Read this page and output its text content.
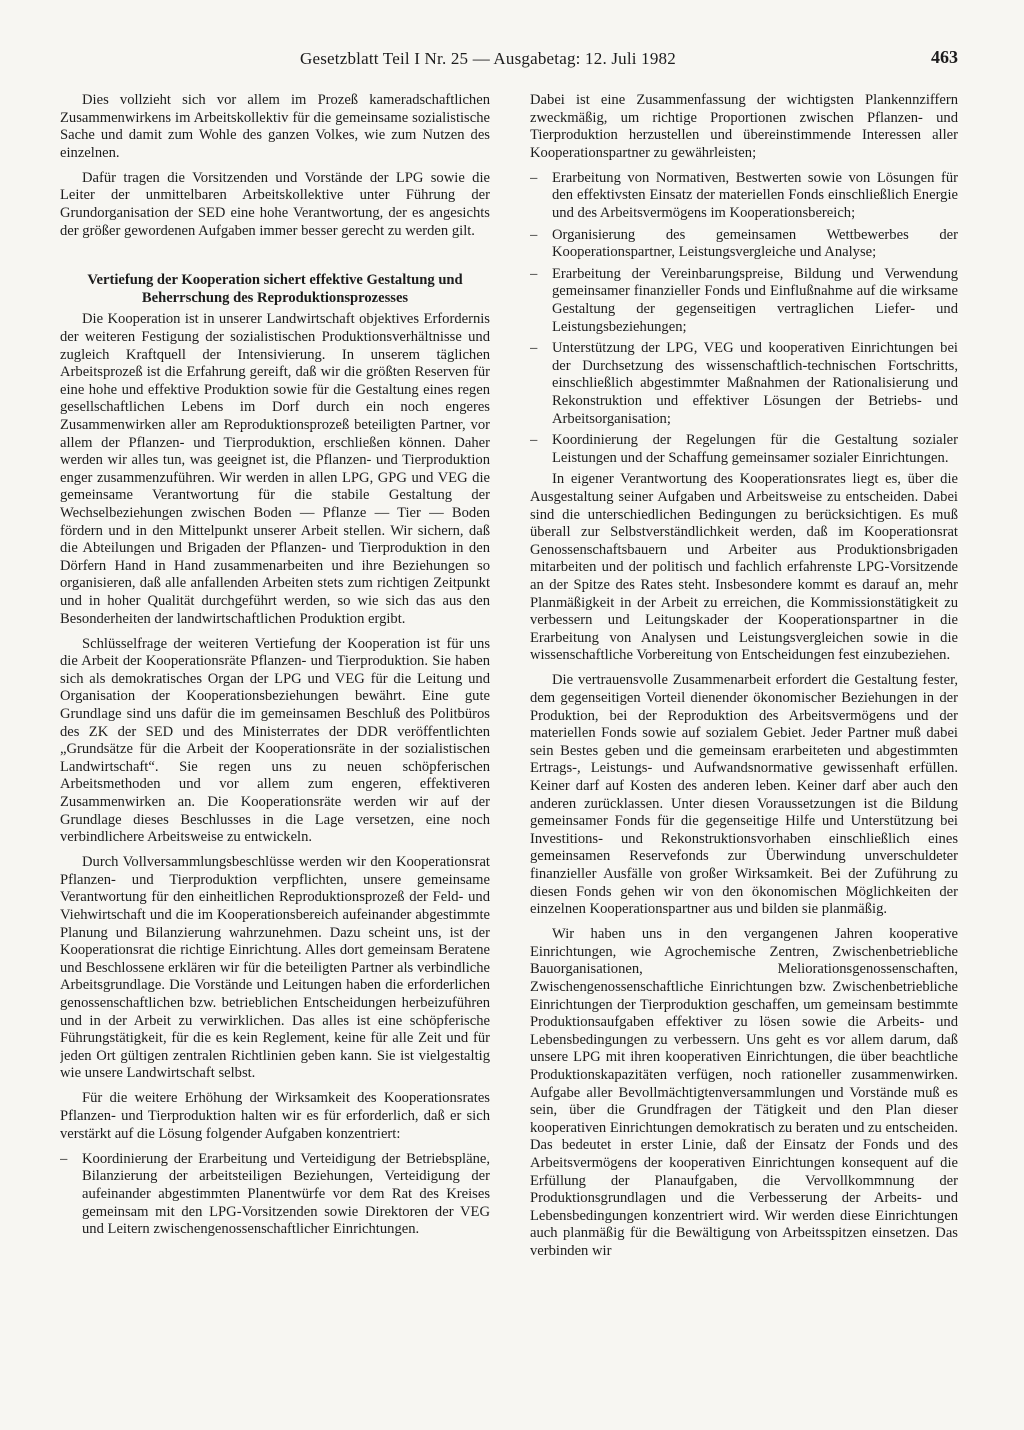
Gesetzblatt Teil I Nr. 25 — Ausgabetag: 12. Juli 1982	463

Dies vollzieht sich vor allem im Prozeß kameradschaftlichen Zusammenwirkens im Arbeitskollektiv für die gemeinsame sozialistische Sache und damit zum Wohle des ganzen Volkes, wie zum Nutzen des einzelnen.

Dafür tragen die Vorsitzenden und Vorstände der LPG sowie die Leiter der unmittelbaren Arbeitskollektive unter Führung der Grundorganisation der SED eine hohe Verantwortung, der es angesichts der größer gewordenen Aufgaben immer besser gerecht zu werden gilt.

Vertiefung der Kooperation sichert effektive Gestaltung und Beherrschung des Reproduktionsprozesses

Die Kooperation ist in unserer Landwirtschaft objektives Erfordernis der weiteren Festigung der sozialistischen Produktionsverhältnisse und zugleich Kraftquell der Intensivierung. In unserem täglichen Arbeitsprozeß ist die Erfahrung gereift, daß wir die größten Reserven für eine hohe und effektive Produktion sowie für die Gestaltung eines regen gesellschaftlichen Lebens im Dorf durch ein noch engeres Zusammenwirken aller am Reproduktionsprozeß beteiligten Partner, vor allem der Pflanzen- und Tierproduktion, erschließen können. Daher werden wir alles tun, was geeignet ist, die Pflanzen- und Tierproduktion enger zusammenzuführen. Wir werden in allen LPG, GPG und VEG die gemeinsame Verantwortung für die stabile Gestaltung der Wechselbeziehungen zwischen Boden — Pflanze — Tier — Boden fördern und in den Mittelpunkt unserer Arbeit stellen. Wir sichern, daß die Abteilungen und Brigaden der Pflanzen- und Tierproduktion in den Dörfern Hand in Hand zusammenarbeiten und ihre Beziehungen so organisieren, daß alle anfallenden Arbeiten stets zum richtigen Zeitpunkt und in hoher Qualität durchgeführt werden, so wie sich das aus den Besonderheiten der landwirtschaftlichen Produktion ergibt.

Schlüsselfrage der weiteren Vertiefung der Kooperation ist für uns die Arbeit der Kooperationsräte Pflanzen- und Tierproduktion. Sie haben sich als demokratisches Organ der LPG und VEG für die Leitung und Organisation der Kooperationsbeziehungen bewährt. Eine gute Grundlage sind uns dafür die im gemeinsamen Beschluß des Politbüros des ZK der SED und des Ministerrates der DDR veröffentlichten „Grundsätze für die Arbeit der Kooperationsräte in der sozialistischen Landwirtschaft“. Sie regen uns zu neuen schöpferischen Arbeitsmethoden und vor allem zum engeren, effektiveren Zusammenwirken an. Die Kooperationsräte werden wir auf der Grundlage dieses Beschlusses in die Lage versetzen, eine noch verbindlichere Arbeitsweise zu entwickeln.

Durch Vollversammlungsbeschlüsse werden wir den Kooperationsrat Pflanzen- und Tierproduktion verpflichten, unsere gemeinsame Verantwortung für den einheitlichen Reproduktionsprozeß der Feld- und Viehwirtschaft und die im Kooperationsbereich aufeinander abgestimmte Planung und Bilanzierung wahrzunehmen. Dazu scheint uns, ist der Kooperationsrat die richtige Einrichtung. Alles dort gemeinsam Beratene und Beschlossene erklären wir für die beteiligten Partner als verbindliche Arbeitsgrundlage. Die Vorstände und Leitungen haben die erforderlichen genossenschaftlichen bzw. betrieblichen Entscheidungen herbeizuführen und in der Arbeit zu verwirklichen. Das alles ist eine schöpferische Führungstätigkeit, für die es kein Reglement, keine für alle Zeit und für jeden Ort gültigen zentralen Richtlinien geben kann. Sie ist vielgestaltig wie unsere Landwirtschaft selbst.

Für die weitere Erhöhung der Wirksamkeit des Kooperationsrates Pflanzen- und Tierproduktion halten wir es für erforderlich, daß er sich verstärkt auf die Lösung folgender Aufgaben konzentriert:

– Koordinierung der Erarbeitung und Verteidigung der Betriebspläne, Bilanzierung der arbeitsteiligen Beziehungen, Verteidigung der aufeinander abgestimmten Planentwürfe vor dem Rat des Kreises gemeinsam mit den LPG-Vorsitzenden sowie Direktoren der VEG und Leitern zwischengenossenschaftlicher Einrichtungen.

Dabei ist eine Zusammenfassung der wichtigsten Plankennziffern zweckmäßig, um richtige Proportionen zwischen Pflanzen- und Tierproduktion herzustellen und übereinstimmende Interessen aller Kooperationspartner zu gewährleisten;

– Erarbeitung von Normativen, Bestwerten sowie von Lösungen für den effektivsten Einsatz der materiellen Fonds einschließlich Energie und des Arbeitsvermögens im Kooperationsbereich;
– Organisierung des gemeinsamen Wettbewerbes der Kooperationspartner, Leistungsvergleiche und Analyse;
– Erarbeitung der Vereinbarungspreise, Bildung und Verwendung gemeinsamer finanzieller Fonds und Einflußnahme auf die wirksame Gestaltung der gegenseitigen vertraglichen Liefer- und Leistungsbeziehungen;
– Unterstützung der LPG, VEG und kooperativen Einrichtungen bei der Durchsetzung des wissenschaftlich-technischen Fortschritts, einschließlich abgestimmter Maßnahmen der Rationalisierung und Rekonstruktion und effektiver Lösungen der Betriebs- und Arbeitsorganisation;
– Koordinierung der Regelungen für die Gestaltung sozialer Leistungen und der Schaffung gemeinsamer sozialer Einrichtungen.

In eigener Verantwortung des Kooperationsrates liegt es, über die Ausgestaltung seiner Aufgaben und Arbeitsweise zu entscheiden. Dabei sind die unterschiedlichen Bedingungen zu berücksichtigen. Es muß überall zur Selbstverständlichkeit werden, daß im Kooperationsrat Genossenschaftsbauern und Arbeiter aus Produktionsbrigaden mitarbeiten und der politisch und fachlich erfahrenste LPG-Vorsitzende an der Spitze des Rates steht. Insbesondere kommt es darauf an, mehr Planmäßigkeit in der Arbeit zu erreichen, die Kommissionstätigkeit zu verbessern und Leitungskader der Kooperationspartner in die Erarbeitung von Analysen und Leistungsvergleichen sowie in die wissenschaftliche Vorbereitung von Entscheidungen fest einzubeziehen.

Die vertrauensvolle Zusammenarbeit erfordert die Gestaltung fester, dem gegenseitigen Vorteil dienender ökonomischer Beziehungen in der Produktion, bei der Reproduktion des Arbeitsvermögens und der materiellen Fonds sowie auf sozialem Gebiet. Jeder Partner muß dabei sein Bestes geben und die gemeinsam erarbeiteten und abgestimmten Ertrags-, Leistungs- und Aufwandsnormative gewissenhaft erfüllen. Keiner darf auf Kosten des anderen leben. Keiner darf aber auch den anderen zurücklassen. Unter diesen Voraussetzungen ist die Bildung gemeinsamer Fonds für die gegenseitige Hilfe und Unterstützung bei Investitions- und Rekonstruktionsvorhaben einschließlich eines gemeinsamen Reservefonds zur Überwindung unverschuldeter finanzieller Ausfälle von großer Wirksamkeit. Bei der Zuführung zu diesen Fonds gehen wir von den ökonomischen Möglichkeiten der einzelnen Kooperationspartner aus und bilden sie planmäßig.

Wir haben uns in den vergangenen Jahren kooperative Einrichtungen, wie Agrochemische Zentren, Zwischenbetriebliche Bauorganisationen, Meliorationsgenossenschaften, Zwischengenossenschaftliche Einrichtungen bzw. Zwischenbetriebliche Einrichtungen der Tierproduktion geschaffen, um gemeinsam bestimmte Produktionsaufgaben effektiver zu lösen sowie die Arbeits- und Lebensbedingungen zu verbessern. Uns geht es vor allem darum, daß unsere LPG mit ihren kooperativen Einrichtungen, die über beachtliche Produktionskapazitäten verfügen, noch rationeller zusammenwirken. Aufgabe aller Bevollmächtigtenversammlungen und Vorstände muß es sein, über die Grundfragen der Tätigkeit und den Plan dieser kooperativen Einrichtungen demokratisch zu beraten und zu entscheiden. Das bedeutet in erster Linie, daß der Einsatz der Fonds und des Arbeitsvermögens der kooperativen Einrichtungen konsequent auf die Erfüllung der Planaufgaben, die Vervollkommnung der Produktionsgrundlagen und die Verbesserung der Arbeits- und Lebensbedingungen konzentriert wird. Wir werden diese Einrichtungen auch planmäßig für die Bewältigung von Arbeitsspitzen einsetzen. Das verbinden wir
